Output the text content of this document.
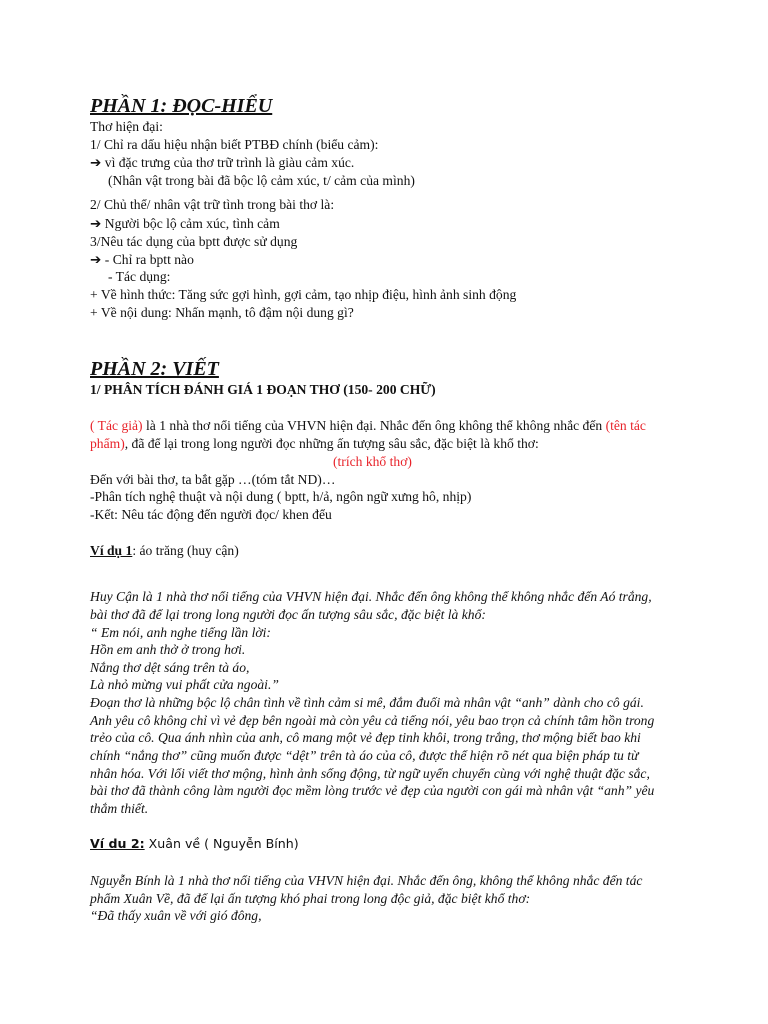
PHẦN 1: ĐỌC-HIỂU
Thơ hiện đại:
1/ Chỉ ra dấu hiệu nhận biết PTBĐ chính (biểu cảm):
➔ vì đặc trưng của thơ trữ trình là giàu cảm xúc.
(Nhân vật trong bài đã bộc lộ cảm xúc, t/ cảm của mình)
2/ Chủ thể/ nhân vật trữ tình trong bài thơ là:
➔ Người bộc lộ cảm xúc, tình cảm
3/Nêu tác dụng của bptt được sử dụng
➔ - Chỉ ra bptt nào
- Tác dụng:
+ Về hình thức: Tăng sức gợi hình, gợi cảm, tạo nhịp điệu, hình ảnh sinh động
+ Về nội dung: Nhấn mạnh, tô đậm nội dung gì?
PHẦN 2: VIẾT
1/ PHÂN TÍCH ĐÁNH GIÁ 1 ĐOẠN THƠ (150- 200 CHỮ)
( Tác giả) là 1 nhà thơ nổi tiếng của VHVN hiện đại. Nhắc đến ông không thể không nhắc đến (tên tác
phẩm), đã để lại trong long người đọc những ấn tượng sâu sắc, đặc biệt là khổ thơ:
(trích khổ thơ)
Đến với bài thơ, ta bắt gặp …(tóm tắt ND)…
-Phân tích nghệ thuật và nội dung ( bptt, h/ả, ngôn ngữ xưng hô, nhịp)
-Kết: Nêu tác động đến người đọc/ khen đểu
Ví dụ 1: áo trăng (huy cận)
Huy Cận là 1 nhà thơ nổi tiếng của VHVN hiện đại. Nhắc đến ông không thể không nhắc đến Aó trắng,
bài thơ đã để lại trong long người đọc ấn tượng sâu sắc, đặc biệt là khổ:
“ Em nói, anh nghe tiếng lần lời:
Hồn em anh thở ở trong hơi.
Nắng thơ dệt sáng trên tà áo,
Là nhỏ mừng vui phất cửa ngoài.”
Đoạn thơ là những bộc lộ chân tình về tình cảm si mê, đắm đuối mà nhân vật “anh” dành cho cô gái.
Anh yêu cô không chỉ vì vẻ đẹp bên ngoài mà còn yêu cả tiếng nói, yêu bao trọn cả chính tâm hồn trong
trẻo của cô. Qua ánh nhìn của anh, cô mang một vẻ đẹp tinh khôi, trong trắng, thơ mộng biết bao khi
chính “nắng thơ” cũng muốn được “dệt” trên tà áo của cô, được thể hiện rõ nét qua biện pháp tu từ
nhân hóa. Với lối viết thơ mộng, hình ảnh sống động, từ ngữ uyển chuyển cùng với nghệ thuật đặc sắc,
bài thơ đã thành công làm người đọc mềm lòng trước vẻ đẹp của người con gái mà nhân vật “anh” yêu
thắm thiết.
Ví du 2: Xuân về ( Nguyễn Bính)
Nguyễn Bính là 1 nhà thơ nổi tiếng của VHVN hiện đại. Nhắc đến ông, không thể không nhắc đến tác
phẩm Xuân Về, đã để lại ấn tượng khó phai trong long độc giả, đặc biệt khổ thơ:
“Đã thấy xuân về với gió đông,
